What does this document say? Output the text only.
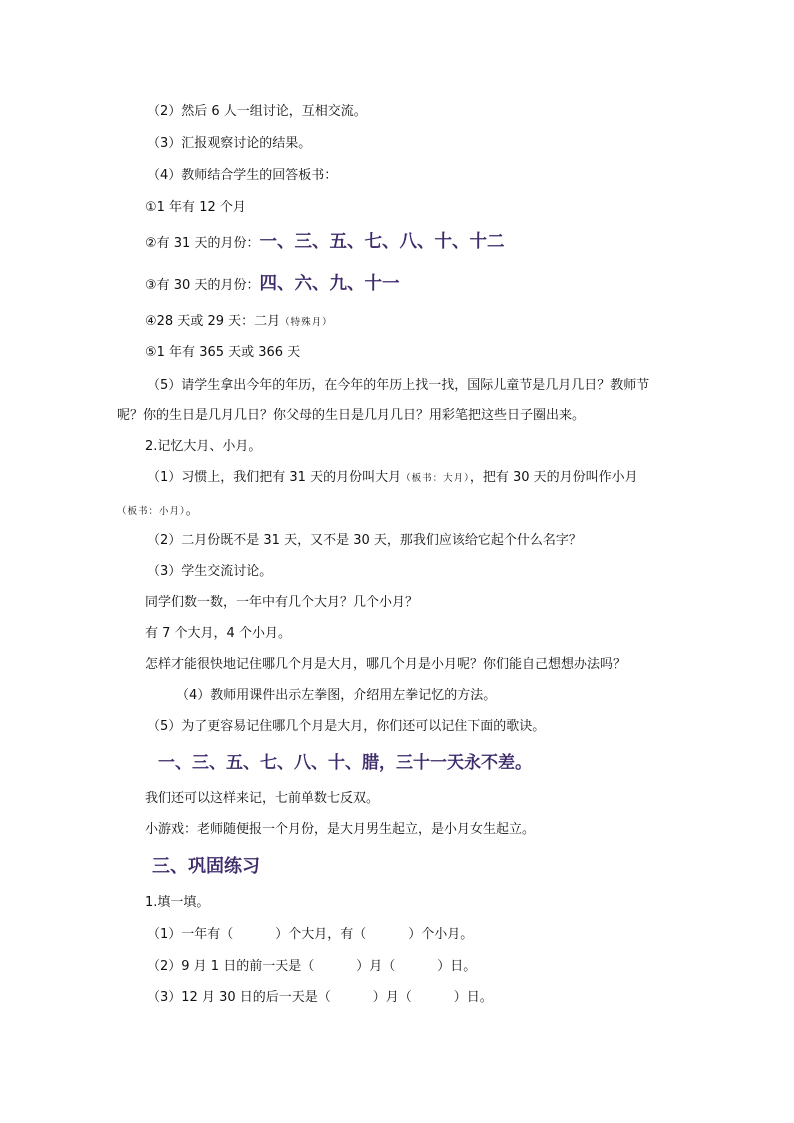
（2）然后 6 人一组讨论，互相交流。
（3）汇报观察讨论的结果。
（4）教师结合学生的回答板书：
①1 年有 12 个月
②有 31 天的月份：一、三、五、七、八、十、十二
③有 30 天的月份：四、六、九、十一
④28 天或 29 天：二月（特殊月）
⑤1 年有 365 天或 366 天
（5）请学生拿出今年的年历，在今年的年历上找一找，国际儿童节是几月几日？教师节
呢？你的生日是几月几日？你父母的生日是几月几日？用彩笔把这些日子圈出来。
2.记忆大月、小月。
（1）习惯上，我们把有 31 天的月份叫大月（板书：大月），把有 30 天的月份叫作小月
（板书：小月）。
（2）二月份既不是 31 天，又不是 30 天，那我们应该给它起个什么名字？
（3）学生交流讨论。
同学们数一数，一年中有几个大月？几个小月？
有 7 个大月，4 个小月。
怎样才能很快地记住哪几个月是大月，哪几个月是小月呢？你们能自己想想办法吗？
（4）教师用课件出示左拳图，介绍用左拳记忆的方法。
（5）为了更容易记住哪几个月是大月，你们还可以记住下面的歌诀。
一、三、五、七、八、十、腊，三十一天永不差。
我们还可以这样来记，七前单数七反双。
小游戏：老师随便报一个月份，是大月男生起立，是小月女生起立。
三、巩固练习
1.填一填。
（1）一年有（	）个大月，有（	）个小月。
（2）9 月 1 日的前一天是（	）月（	）日。
（3）12 月 30 日的后一天是（	）月（	）日。
